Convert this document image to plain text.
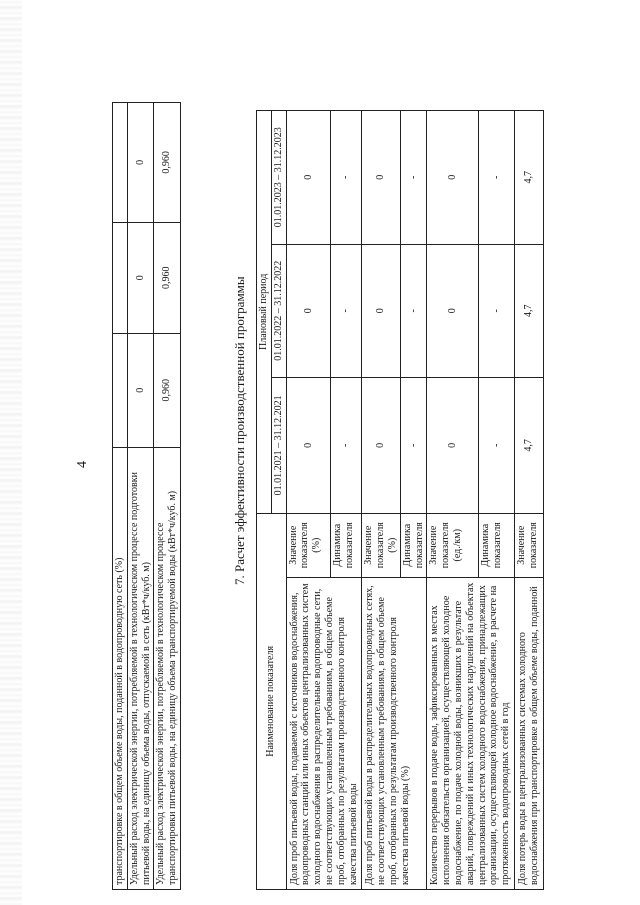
4
транспортировке в общем объеме воды, поданной в водопроводную сеть (%)			
Удельный расход электрической энергии, потребляемой в технологическом процессе подготовки питьевой воды, на единицу объема воды, отпускаемой в сеть (кВт*ч/куб. м)	0	0	0
Удельный расход электрической энергии, потребляемой в технологическом процессе транспортировки питьевой воды, на единицу объема транспортируемой воды (кВт*ч/куб. м)	0,960	0,960	0,960
7. Расчет эффективности производственной программы
Наименование показателя		Плановый период		
		01.01.2021 – 31.12.2021	01.01.2022 – 31.12.2022	01.01.2023 – 31.12.2023
Доля проб питьевой воды, подаваемой с источников водоснабжения, водопроводных станций или иных объектов централизованных систем холодного водоснабжения в распределительные водопроводные сети, не соответствующих установленным требованиям, в общем объеме проб, отобранных по результатам производственного контроля качества питьевой воды	Значение показателя (%)	0	0	0
	Динамика показателя	-	-	-
Доля проб питьевой воды в распределительных водопроводных сетях, не соответствующих установленным требованиям, в общем объеме проб, отобранных по результатам производственного контроля качества питьевой воды (%)	Значение показателя (%)	0	0	0
	Динамика показателя	-	-	-
Количество перерывов в подаче воды, зафиксированных в местах исполнения обязательств организацией, осуществляющей холодное водоснабжение, по подаче холодной воды, возникших в результате аварий, повреждений и иных технологических нарушений на объектах централизованных систем холодного водоснабжения, принадлежащих организации, осуществляющей холодное водоснабжение, в расчете на протяженность водопроводных сетей в год	Значение показателя (ед./км)	0	0	0
	Динамика показателя	-	-	-
Доля потерь воды в централизованных системах холодного водоснабжения при транспортировке в общем объеме воды, поданной	Значение показателя	4,7	4,7	4,7
